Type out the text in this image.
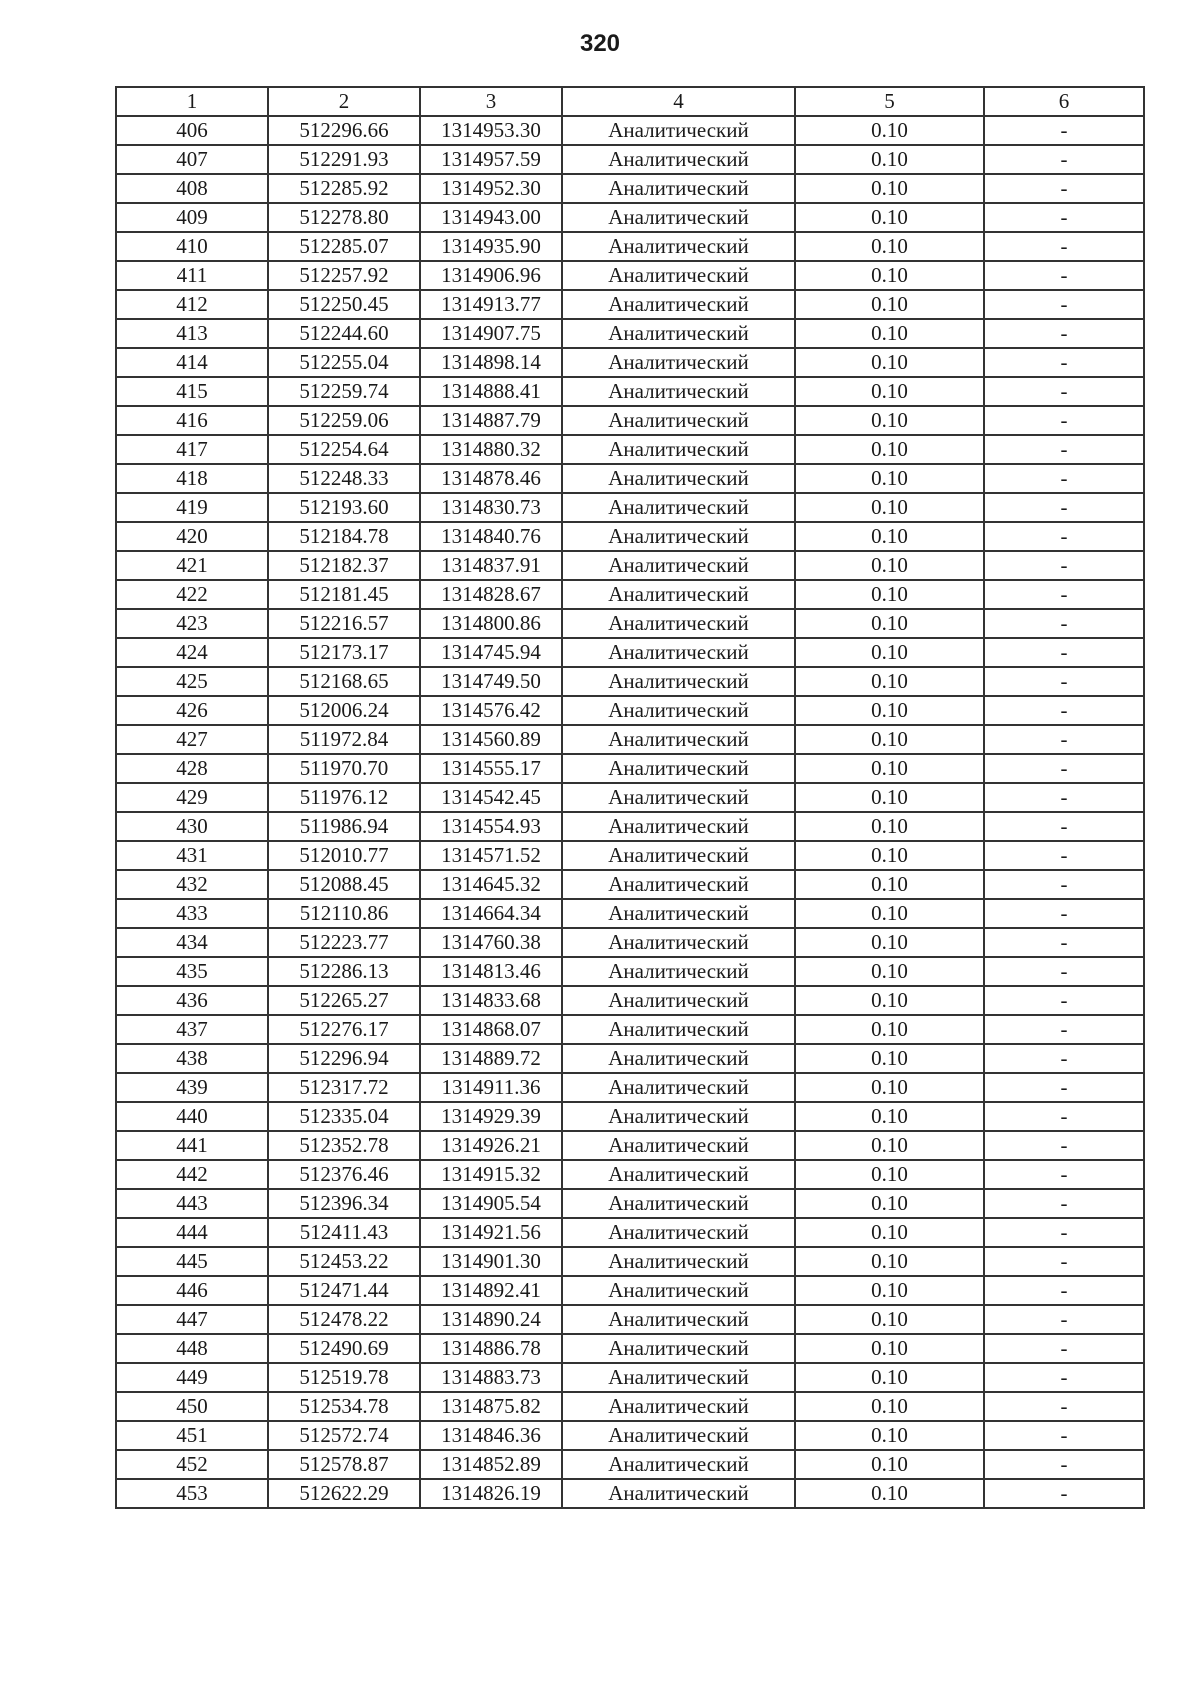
320
1	2	3	4	5	6
406	512296.66	1314953.30	Аналитический	0.10	-
407	512291.93	1314957.59	Аналитический	0.10	-
408	512285.92	1314952.30	Аналитический	0.10	-
409	512278.80	1314943.00	Аналитический	0.10	-
410	512285.07	1314935.90	Аналитический	0.10	-
411	512257.92	1314906.96	Аналитический	0.10	-
412	512250.45	1314913.77	Аналитический	0.10	-
413	512244.60	1314907.75	Аналитический	0.10	-
414	512255.04	1314898.14	Аналитический	0.10	-
415	512259.74	1314888.41	Аналитический	0.10	-
416	512259.06	1314887.79	Аналитический	0.10	-
417	512254.64	1314880.32	Аналитический	0.10	-
418	512248.33	1314878.46	Аналитический	0.10	-
419	512193.60	1314830.73	Аналитический	0.10	-
420	512184.78	1314840.76	Аналитический	0.10	-
421	512182.37	1314837.91	Аналитический	0.10	-
422	512181.45	1314828.67	Аналитический	0.10	-
423	512216.57	1314800.86	Аналитический	0.10	-
424	512173.17	1314745.94	Аналитический	0.10	-
425	512168.65	1314749.50	Аналитический	0.10	-
426	512006.24	1314576.42	Аналитический	0.10	-
427	511972.84	1314560.89	Аналитический	0.10	-
428	511970.70	1314555.17	Аналитический	0.10	-
429	511976.12	1314542.45	Аналитический	0.10	-
430	511986.94	1314554.93	Аналитический	0.10	-
431	512010.77	1314571.52	Аналитический	0.10	-
432	512088.45	1314645.32	Аналитический	0.10	-
433	512110.86	1314664.34	Аналитический	0.10	-
434	512223.77	1314760.38	Аналитический	0.10	-
435	512286.13	1314813.46	Аналитический	0.10	-
436	512265.27	1314833.68	Аналитический	0.10	-
437	512276.17	1314868.07	Аналитический	0.10	-
438	512296.94	1314889.72	Аналитический	0.10	-
439	512317.72	1314911.36	Аналитический	0.10	-
440	512335.04	1314929.39	Аналитический	0.10	-
441	512352.78	1314926.21	Аналитический	0.10	-
442	512376.46	1314915.32	Аналитический	0.10	-
443	512396.34	1314905.54	Аналитический	0.10	-
444	512411.43	1314921.56	Аналитический	0.10	-
445	512453.22	1314901.30	Аналитический	0.10	-
446	512471.44	1314892.41	Аналитический	0.10	-
447	512478.22	1314890.24	Аналитический	0.10	-
448	512490.69	1314886.78	Аналитический	0.10	-
449	512519.78	1314883.73	Аналитический	0.10	-
450	512534.78	1314875.82	Аналитический	0.10	-
451	512572.74	1314846.36	Аналитический	0.10	-
452	512578.87	1314852.89	Аналитический	0.10	-
453	512622.29	1314826.19	Аналитический	0.10	-
